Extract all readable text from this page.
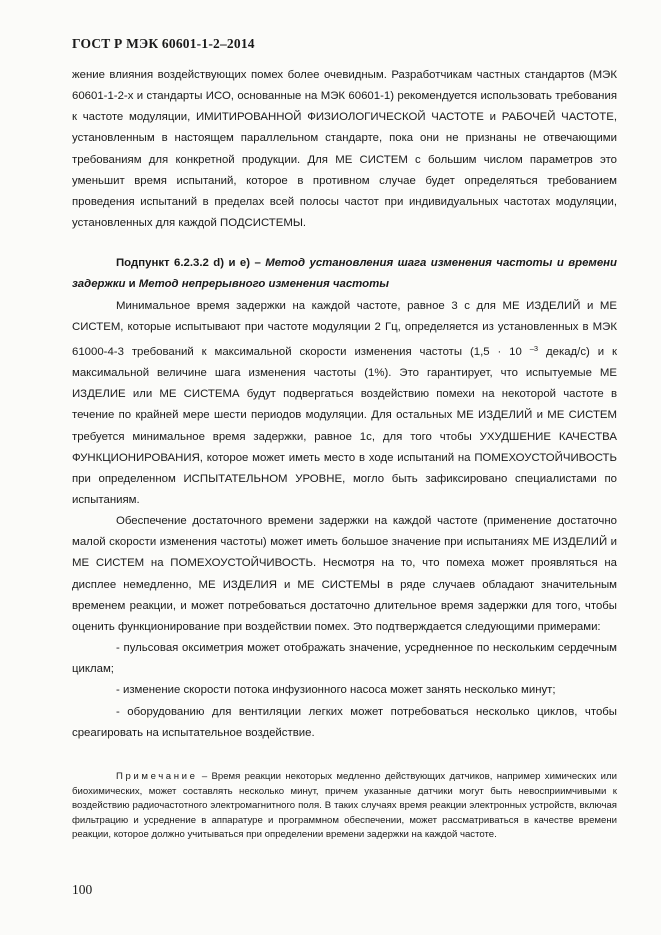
ГОСТ Р МЭК 60601-1-2–2014

жение влияния воздействующих помех более очевидным. Разработчикам частных стандартов (МЭК 60601-1-2-х и стандарты ИСО, основанные на МЭК 60601-1) рекомендуется использовать требования к частоте модуляции, ИМИТИРОВАННОЙ ФИЗИОЛОГИЧЕСКОЙ ЧАСТОТЕ и РАБОЧЕЙ ЧАСТОТЕ, установленным в настоящем параллельном стандарте, пока они не признаны не отвечающими требованиям для конкретной продукции. Для МЕ СИСТЕМ с большим числом параметров это уменьшит время испытаний, которое в противном случае будет определяться требованием проведения испытаний в пределах всей полосы частот при индивидуальных частотах модуляции, установленных для каждой ПОДСИСТЕМЫ.

Подпункт 6.2.3.2 d) и е) – Метод установления шага изменения частоты и времени задержки и Метод непрерывного изменения частоты

Минимальное время задержки на каждой частоте, равное 3 с для МЕ ИЗДЕЛИЙ и МЕ СИСТЕМ, которые испытывают при частоте модуляции 2 Гц, определяется из установленных в МЭК 61000-4-3 требований к максимальной скорости изменения частоты (1,5 · 10 $^{-3}$ декад/с) и к максимальной величине шага изменения частоты (1%). Это гарантирует, что испытуемые МЕ ИЗДЕЛИЕ или МЕ СИСТЕМА будут подвергаться воздействию помехи на некоторой частоте в течение по крайней мере шести периодов модуляции. Для остальных МЕ ИЗДЕЛИЙ и МЕ СИСТЕМ требуется минимальное время задержки, равное 1с, для того чтобы УХУДШЕНИЕ КАЧЕСТВА ФУНКЦИОНИРОВАНИЯ, которое может иметь место в ходе испытаний на ПОМЕХОУСТОЙЧИВОСТЬ при определенном ИСПЫТАТЕЛЬНОМ УРОВНЕ, могло быть зафиксировано специалистами по испытаниям.

Обеспечение достаточного времени задержки на каждой частоте (применение достаточно малой скорости изменения частоты) может иметь большое значение при испытаниях МЕ ИЗДЕЛИЙ и МЕ СИСТЕМ на ПОМЕХОУСТОЙЧИВОСТЬ. Несмотря на то, что помеха может проявляться на дисплее немедленно, МЕ ИЗДЕЛИЯ и МЕ СИСТЕМЫ в ряде случаев обладают значительным временем реакции, и может потребоваться достаточно длительное время задержки для того, чтобы оценить функционирование при воздействии помех. Это подтверждается следующими примерами:

- пульсовая оксиметрия может отображать значение, усредненное по нескольким сердечным циклам;

- изменение скорости потока инфузионного насоса может занять несколько минут;

- оборудованию для вентиляции легких может потребоваться несколько циклов, чтобы среагировать на испытательное воздействие.

Примечание – Время реакции некоторых медленно действующих датчиков, например химических или биохимических, может составлять несколько минут, причем указанные датчики могут быть невосприимчивыми к воздействию радиочастотного электромагнитного поля. В таких случаях время реакции электронных устройств, включая фильтрацию и усреднение в аппаратуре и программном обеспечении, может рассматриваться в качестве времени реакции, которое должно учитываться при определении времени задержки на каждой частоте.

100
